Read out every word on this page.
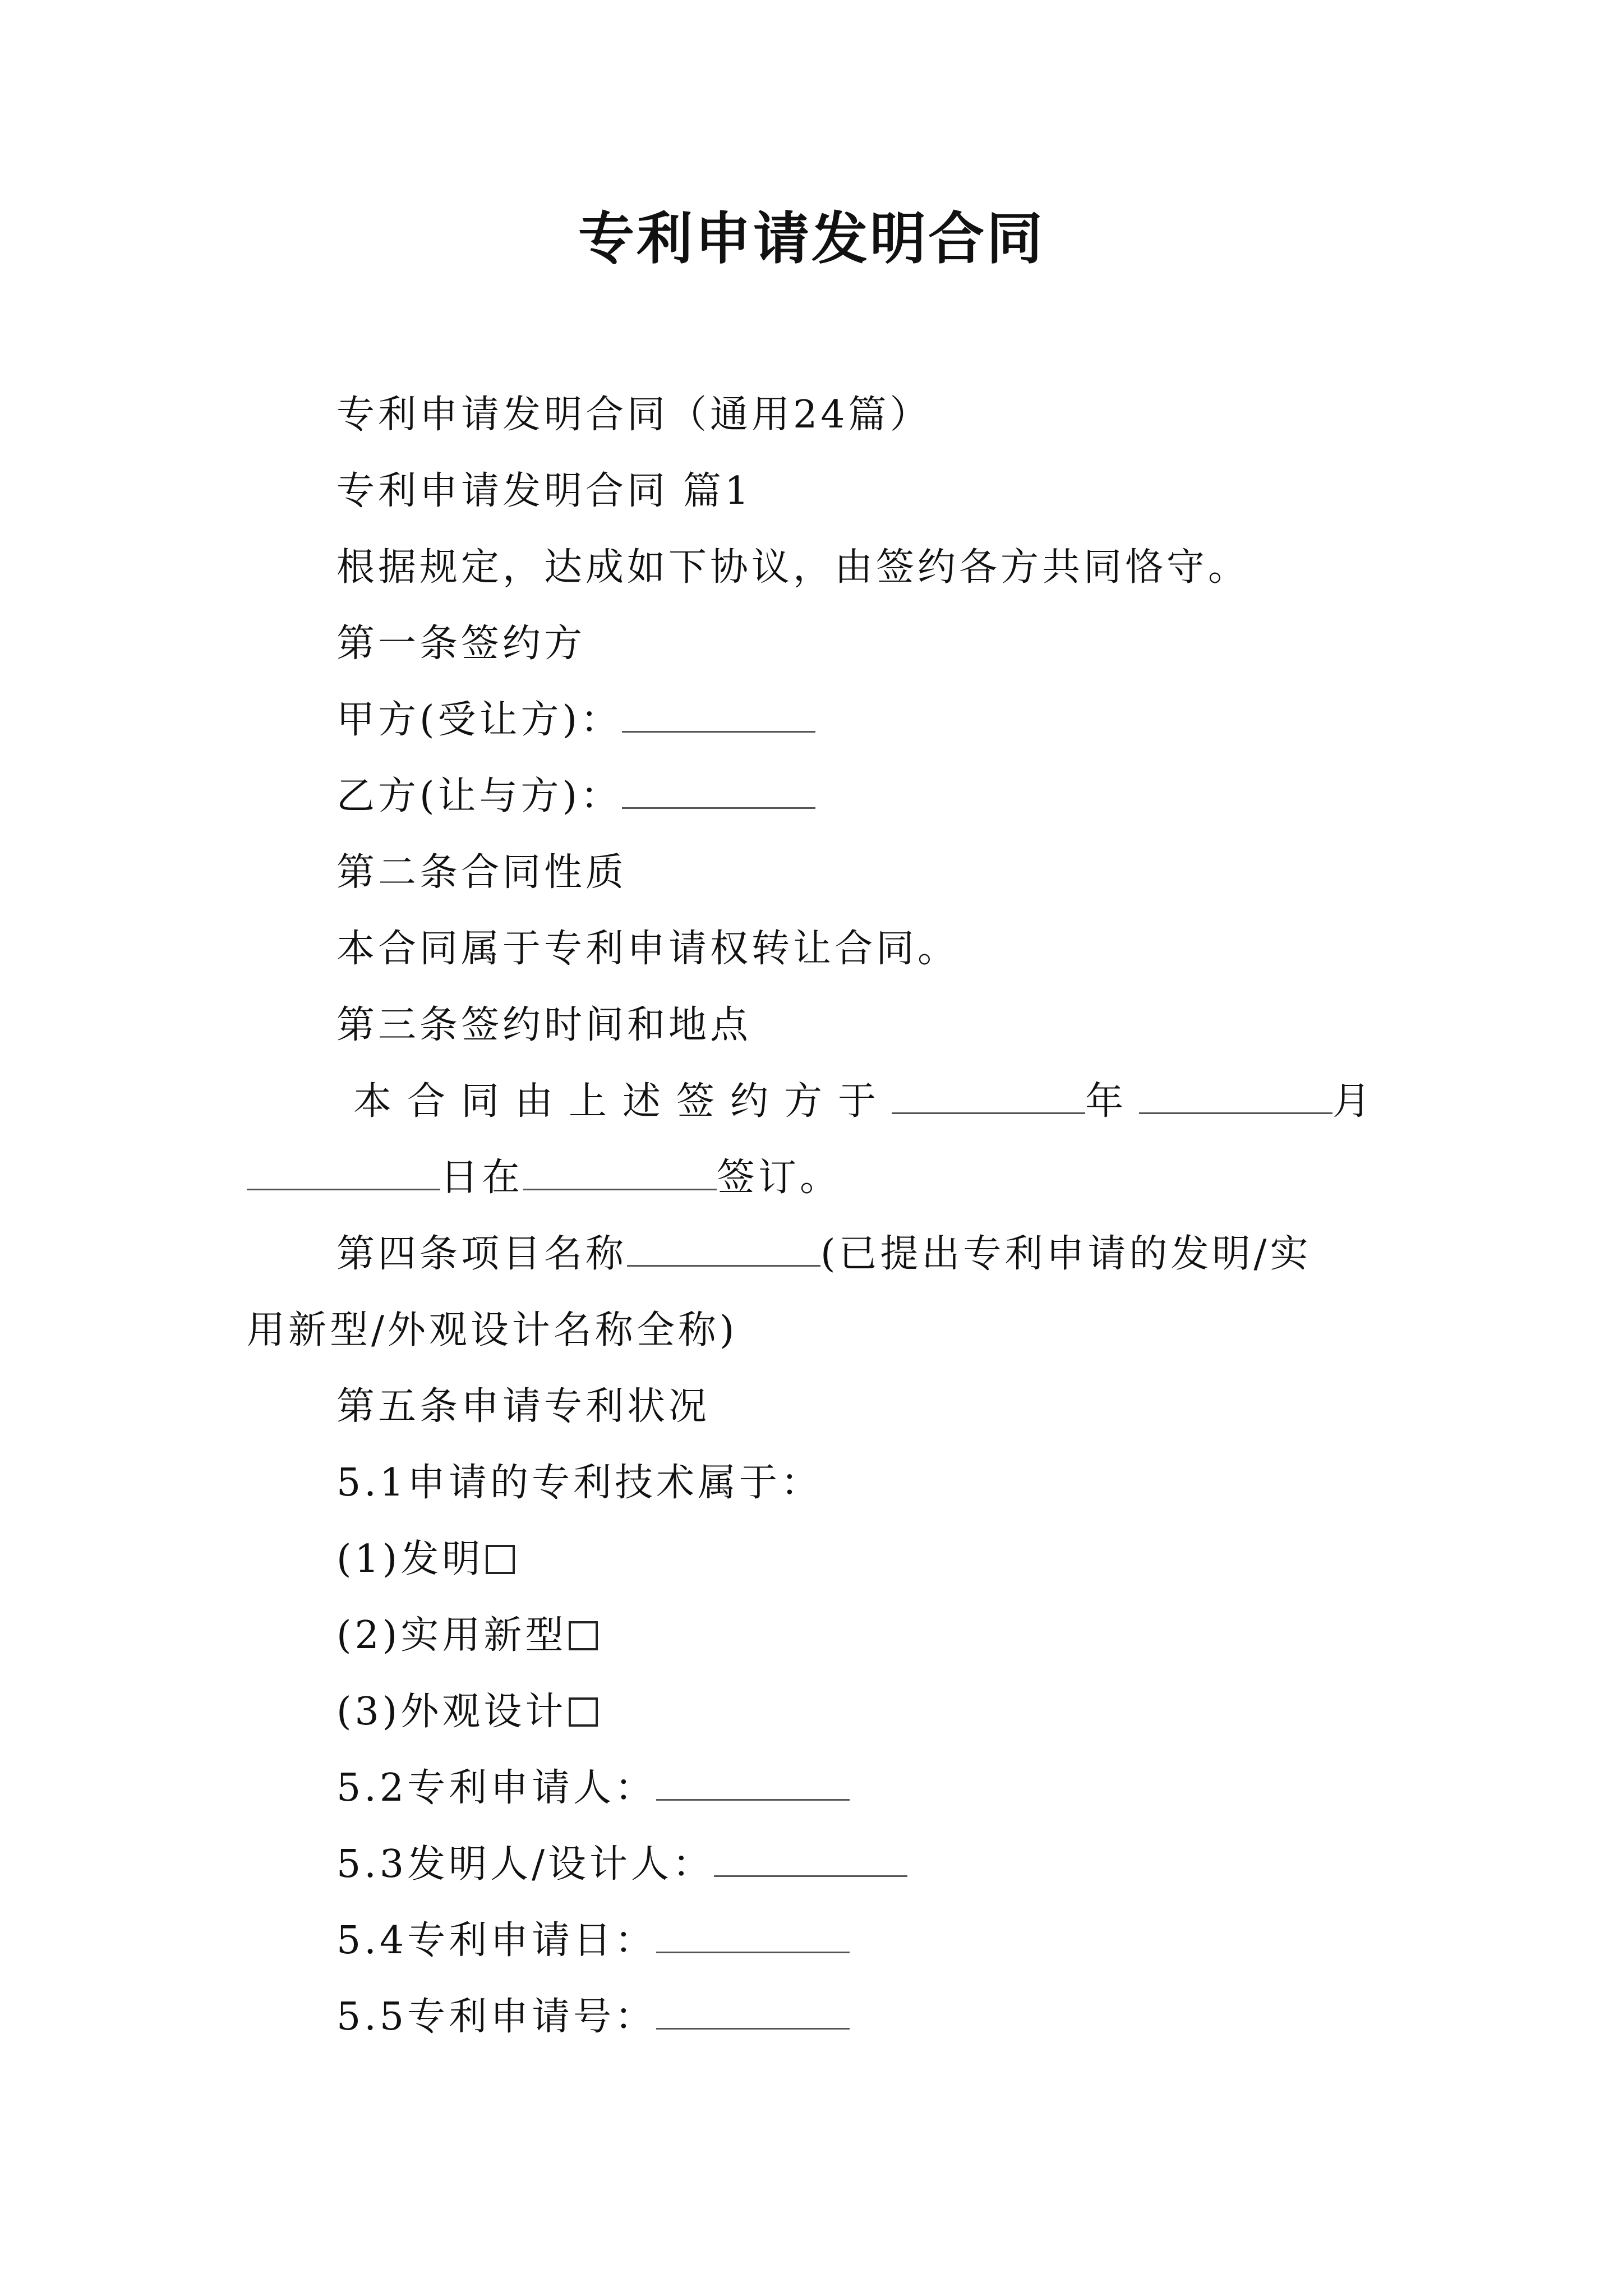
专利申请发明合同
专利申请发明合同（通用24篇）
专利申请发明合同 篇1
根据规定，达成如下协议，由签约各方共同恪守。
第一条签约方
甲方(受让方)：
乙方(让与方)：
第二条合同性质
本合同属于专利申请权转让合同。
第三条签约时间和地点
本合同由上述签约方于	年	月
日在	签订。
第四条项目名称	(已提出专利申请的发明/实
用新型/外观设计名称全称)
第五条申请专利状况
5.1申请的专利技术属于：
(1)发明
(2)实用新型
(3)外观设计
5.2专利申请人：
5.3发明人/设计人：
5.4专利申请日：
5.5专利申请号：
